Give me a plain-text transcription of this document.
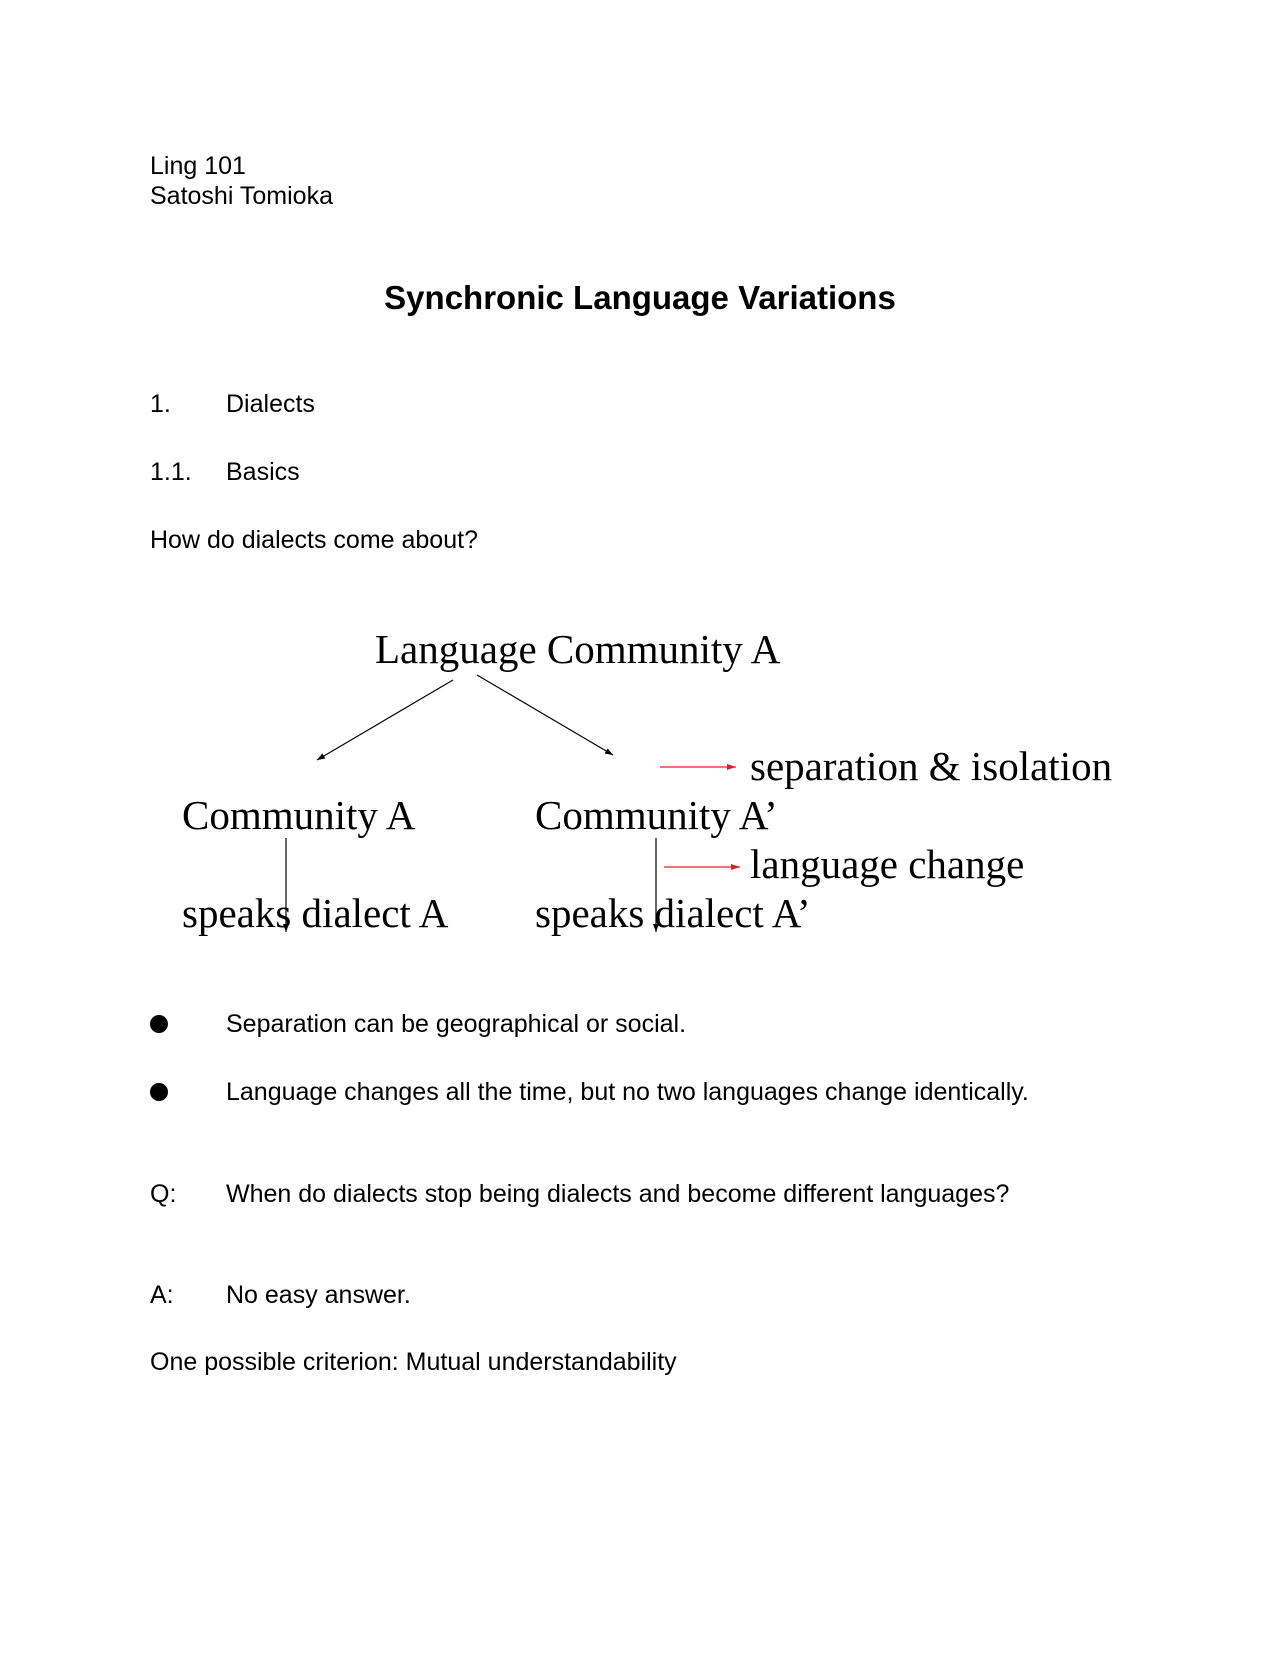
Ling 101
Satoshi Tomioka
Synchronic Language Variations
1. Dialects
1.1. Basics
How do dialects come about?
Language Community A
Community A	Community A’
speaks dialect A speaks dialect A’
separation & isolation
language change
Separation can be geographical or social.
Language changes all the time, but no two languages change identically.
Q: When do dialects stop being dialects and become different languages?
A: No easy answer.
One possible criterion: Mutual understandability
